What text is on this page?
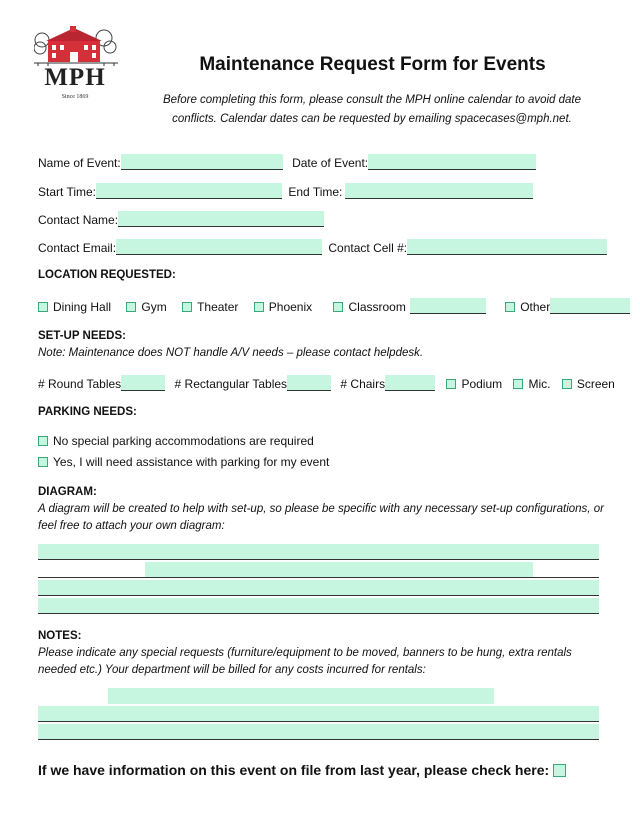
MPH
Since 1869
Maintenance Request Form for Events
Before completing this form, please consult the MPH online calendar to avoid date conflicts. Calendar dates can be requested by emailing spacecases@mph.net.
Name of Event:	Date of Event:
Start Time:	End Time:
Contact Name:
Contact Email:	Contact Cell #:
LOCATION REQUESTED:
Dining Hall	Gym	Theater	Phoenix	Classroom	Other
SET-UP NEEDS:
Note: Maintenance does NOT handle A/V needs – please contact helpdesk.
# Round Tables	# Rectangular Tables	# Chairs	Podium Mic. Screen
PARKING NEEDS:
No special parking accommodations are required
Yes, I will need assistance with parking for my event
DIAGRAM:
A diagram will be created to help with set-up, so please be specific with any necessary set-up configurations, or feel free to attach your own diagram:
NOTES:
Please indicate any special requests (furniture/equipment to be moved, banners to be hung, extra rentals needed etc.) Your department will be billed for any costs incurred for rentals:
If we have information on this event on file from last year, please check here:
